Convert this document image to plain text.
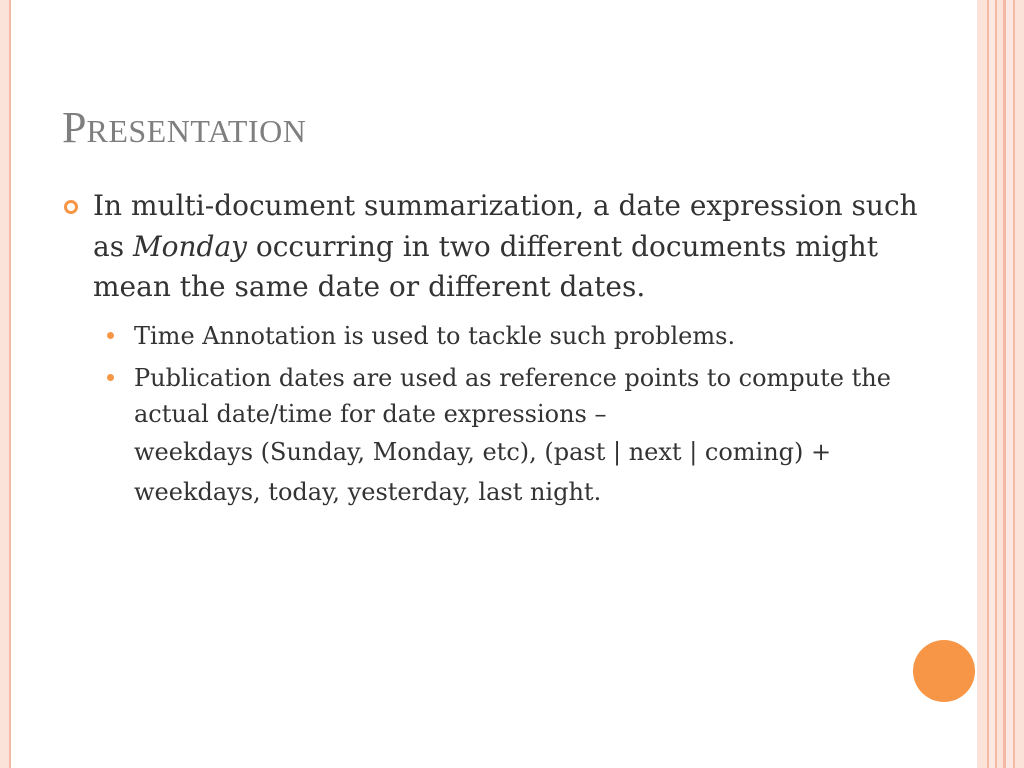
PRESENTATION

In multi-document summarization, a date expression such as Monday occurring in two different documents might mean the same date or different dates.

Time Annotation is used to tackle such problems.

Publication dates are used as reference points to compute the actual date/time for date expressions –
weekdays (Sunday, Monday, etc), (past | next | coming) + weekdays, today, yesterday, last night.
